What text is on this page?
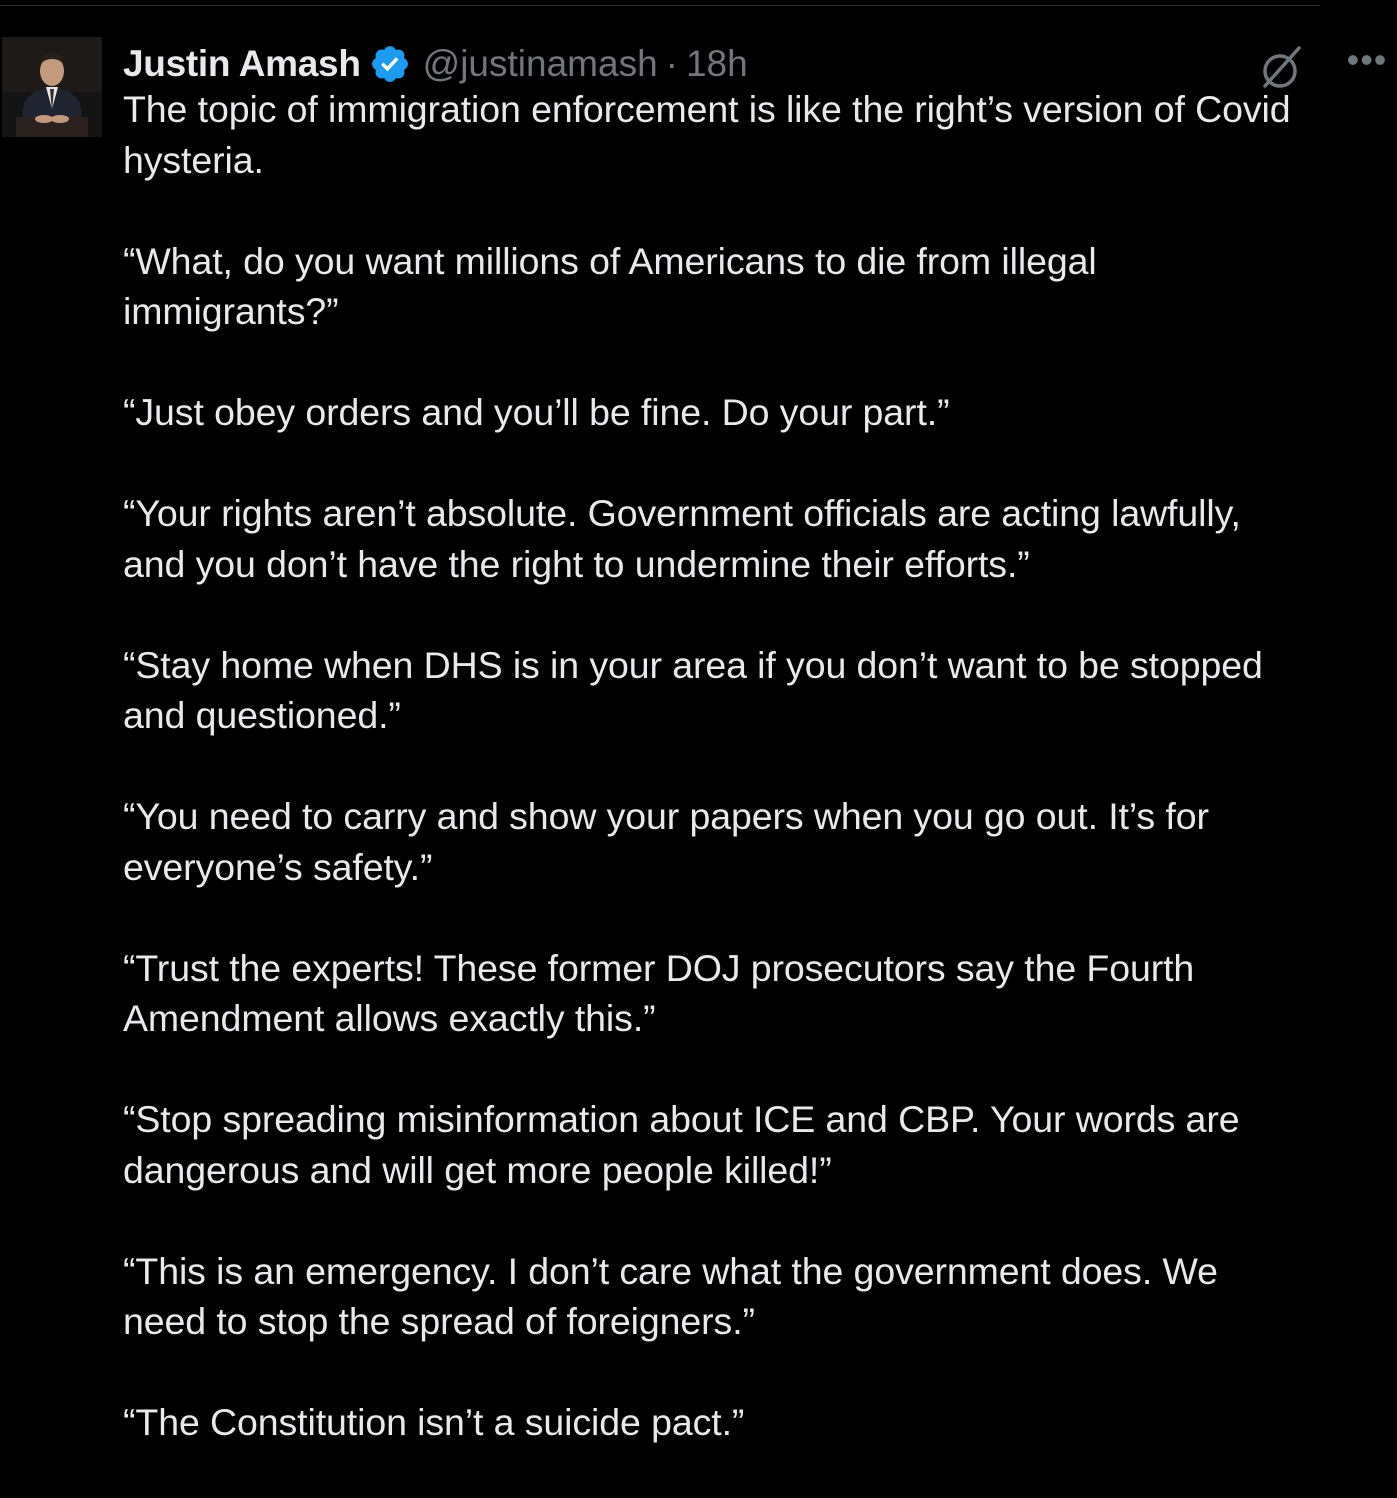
Justin Amash @justinamash · 18h	•••

The topic of immigration enforcement is like the right’s version of Covid hysteria.

“What, do you want millions of Americans to die from illegal immigrants?”

“Just obey orders and you’ll be fine. Do your part.”

“Your rights aren’t absolute. Government officials are acting lawfully, and you don’t have the right to undermine their efforts.”

“Stay home when DHS is in your area if you don’t want to be stopped and questioned.”

“You need to carry and show your papers when you go out. It’s for everyone’s safety.”

“Trust the experts! These former DOJ prosecutors say the Fourth Amendment allows exactly this.”

“Stop spreading misinformation about ICE and CBP. Your words are dangerous and will get more people killed!”

“This is an emergency. I don’t care what the government does. We need to stop the spread of foreigners.”

“The Constitution isn’t a suicide pact.”
